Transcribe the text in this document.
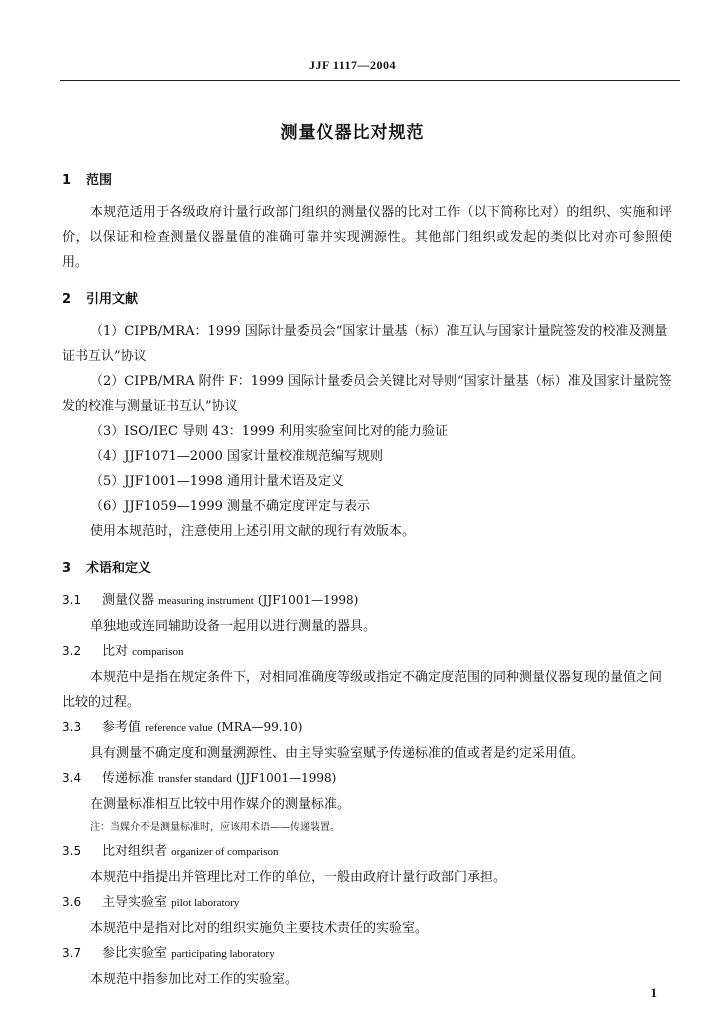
JJF 1117—2004
测量仪器比对规范
1 范围
本规范适用于各级政府计量行政部门组织的测量仪器的比对工作（以下简称比对）的组织、实施和评价，以保证和检查测量仪器量值的准确可靠并实现溯源性。其他部门组织或发起的类似比对亦可参照使用。
2 引用文献
（1）CIPB/MRA：1999 国际计量委员会“国家计量基（标）准互认与国家计量院签发的校准及测量证书互认”协议
（2）CIPB/MRA 附件 F：1999 国际计量委员会关键比对导则“国家计量基（标）准及国家计量院签发的校准与测量证书互认”协议
（3）ISO/IEC 导则 43：1999 利用实验室间比对的能力验证
（4）JJF1071—2000 国家计量校准规范编写规则
（5）JJF1001—1998 通用计量术语及定义
（6）JJF1059—1999 测量不确定度评定与表示
使用本规范时，注意使用上述引用文献的现行有效版本。
3 术语和定义
3.1 测量仪器 measuring instrument (JJF1001—1998)
单独地或连同辅助设备一起用以进行测量的器具。
3.2 比对 comparison
本规范中是指在规定条件下，对相同准确度等级或指定不确定度范围的同种测量仪器复现的量值之间比较的过程。
3.3 参考值 reference value (MRA—99.10)
具有测量不确定度和测量溯源性、由主导实验室赋予传递标准的值或者是约定采用值。
3.4 传递标准 transfer standard (JJF1001—1998)
在测量标准相互比较中用作媒介的测量标准。
注：当媒介不是测量标准时，应该用术语——传递装置。
3.5 比对组织者 organizer of comparison
本规范中指提出并管理比对工作的单位，一般由政府计量行政部门承担。
3.6 主导实验室 pilot laboratory
本规范中是指对比对的组织实施负主要技术责任的实验室。
3.7 参比实验室 participating laboratory
本规范中指参加比对工作的实验室。
1
